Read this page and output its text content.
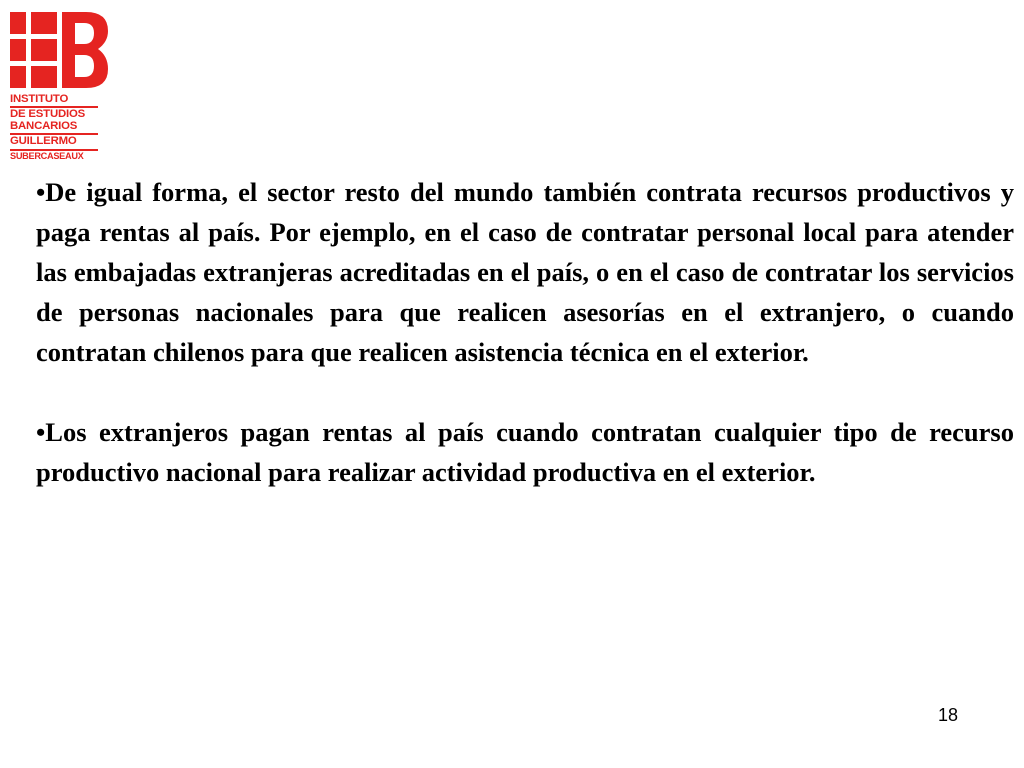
INSTITUTO
DE ESTUDIOS
BANCARIOS
GUILLERMO
SUBERCASEAUX

•De igual forma, el sector resto del mundo también contrata recursos productivos y paga rentas al país. Por ejemplo, en el caso de contratar personal local para atender las embajadas extranjeras acreditadas en el país, o en el caso de contratar los servicios de personas nacionales para que realicen asesorías en el extranjero, o cuando contratan chilenos para que realicen asistencia técnica en el exterior.

•Los extranjeros pagan rentas al país cuando contratan cualquier tipo de recurso productivo nacional para realizar actividad productiva en el exterior.

18
